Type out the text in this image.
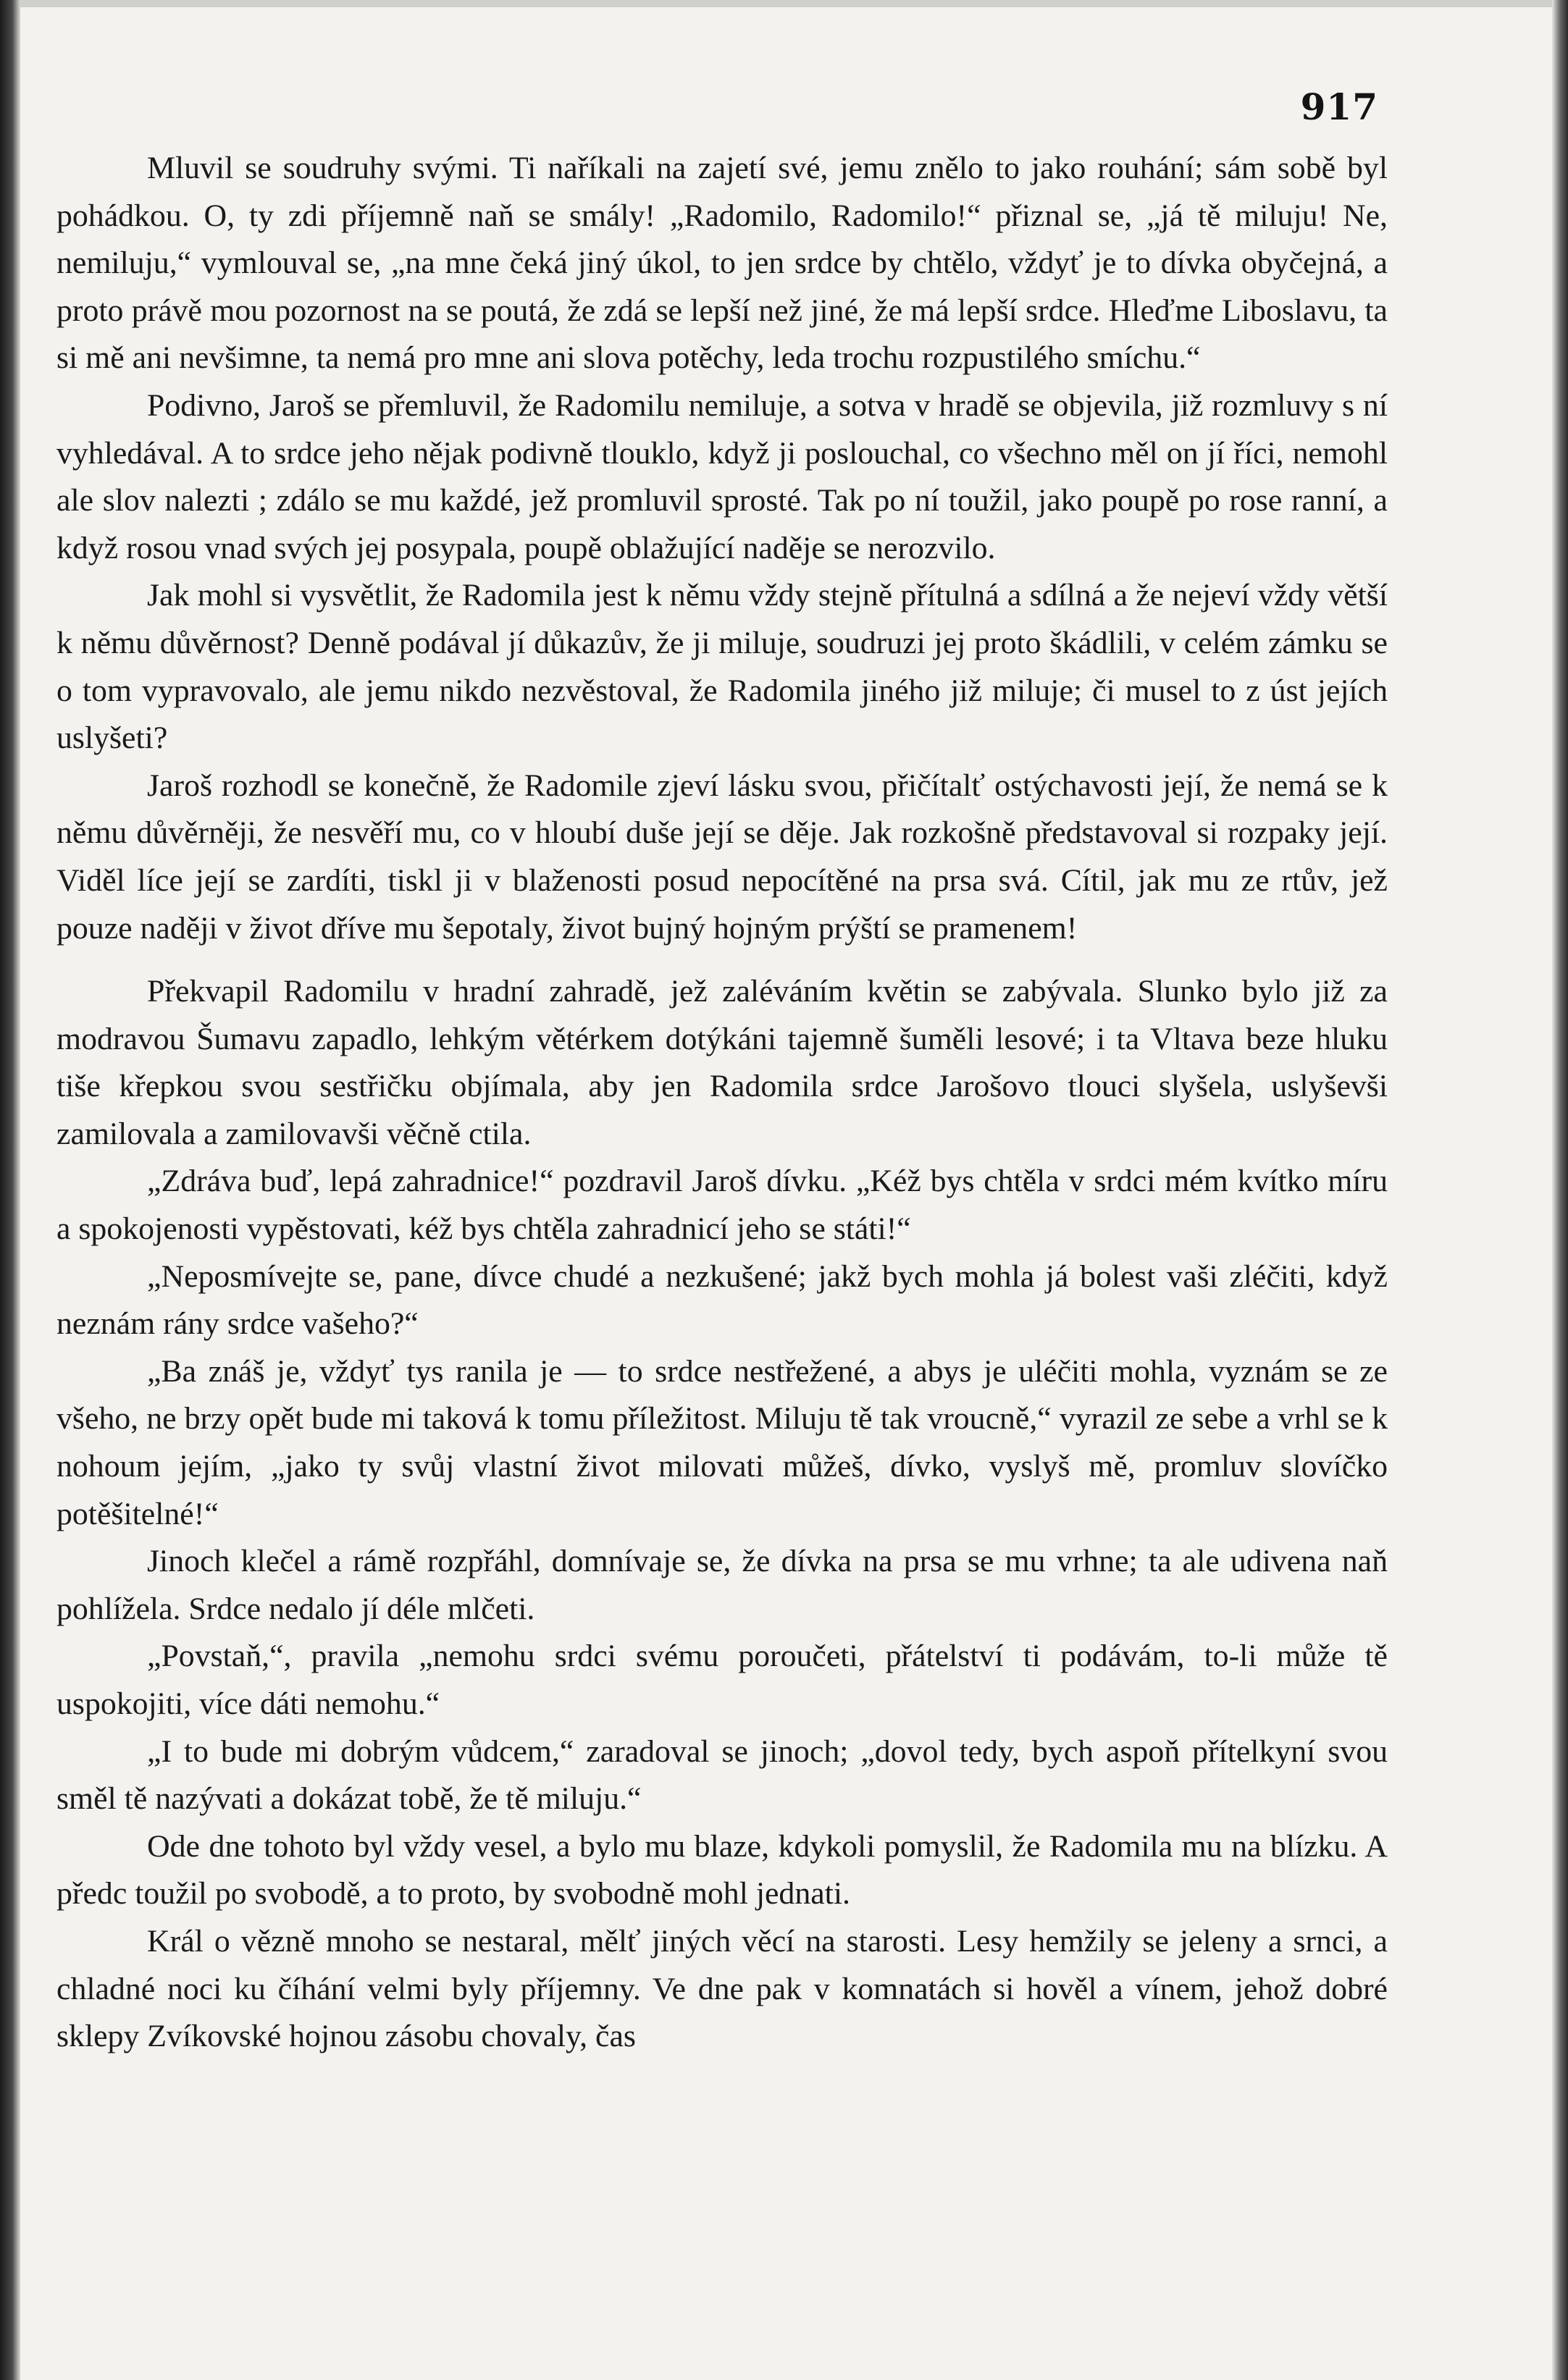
917

Mluvil se soudruhy svými. Ti naříkali na zajetí své, jemu znělo to jako rouhání; sám sobě byl pohádkou. O, ty zdi příjemně naň se smály! „Radomilo, Radomilo!“ přiznal se, „já tě miluju! Ne, nemiluju,“ vymlouval se, „na mne čeká jiný úkol, to jen srdce by chtělo, vždyť je to dívka obyčejná, a proto právě mou pozornost na se poutá, že zdá se lepší než jiné, že má lepší srdce. Hleďme Liboslavu, ta si mě ani nevšimne, ta nemá pro mne ani slova potěchy, leda trochu rozpustilého smíchu.“

Podivno, Jaroš se přemluvil, že Radomilu nemiluje, a sotva v hradě se objevila, již rozmluvy s ní vyhledával. A to srdce jeho nějak podivně tlouklo, když ji poslouchal, co všechno měl on jí říci, nemohl ale slov nalezti ; zdálo se mu každé, jež promluvil sprosté. Tak po ní toužil, jako poupě po rose ranní, a když rosou vnad svých jej posypala, poupě oblažující naděje se nerozvilo.

Jak mohl si vysvětlit, že Radomila jest k němu vždy stejně přítulná a sdílná a že nejeví vždy větší k němu důvěrnost? Denně podával jí důkazův, že ji miluje, soudruzi jej proto škádlili, v celém zámku se o tom vypravovalo, ale jemu nikdo nezvěstoval, že Radomila jiného již miluje; či musel to z úst jejích uslyšeti?

Jaroš rozhodl se konečně, že Radomile zjeví lásku svou, přičítalť ostýchavosti její, že nemá se k němu důvěrněji, že nesvěří mu, co v hloubí duše její se děje. Jak rozkošně představoval si rozpaky její. Viděl líce její se zardíti, tiskl ji v blaženosti posud nepocítěné na prsa svá. Cítil, jak mu ze rtův, jež pouze naději v život dříve mu šepotaly, život bujný hojným prýští se pramenem!

Překvapil Radomilu v hradní zahradě, jež zaléváním květin se zabývala. Slunko bylo již za modravou Šumavu zapadlo, lehkým větérkem dotýkáni tajemně šuměli lesové; i ta Vltava beze hluku tiše křepkou svou sestřičku objímala, aby jen Radomila srdce Jarošovo tlouci slyšela, uslyševši zamilovala a zamilovavši věčně ctila.

„Zdráva buď, lepá zahradnice!“ pozdravil Jaroš dívku. „Kéž bys chtěla v srdci mém kvítko míru a spokojenosti vypěstovati, kéž bys chtěla zahradnicí jeho se státi!“

„Neposmívejte se, pane, dívce chudé a nezkušené; jakž bych mohla já bolest vaši zléčiti, když neznám rány srdce vašeho?“

„Ba znáš je, vždyť tys ranila je — to srdce nestřežené, a abys je uléčiti mohla, vyznám se ze všeho, ne brzy opět bude mi taková k tomu příležitost. Miluju tě tak vroucně,“ vyrazil ze sebe a vrhl se k nohoum jejím, „jako ty svůj vlastní život milovati můžeš, dívko, vyslyš mě, promluv slovíčko potěšitelné!“

Jinoch klečel a rámě rozpřáhl, domnívaje se, že dívka na prsa se mu vrhne; ta ale udivena naň pohlížela. Srdce nedalo jí déle mlčeti.

„Povstaň,“, pravila „nemohu srdci svému poroučeti, přátelství ti podávám, to-li může tě uspokojiti, více dáti nemohu.“

„I to bude mi dobrým vůdcem,“ zaradoval se jinoch; „dovol tedy, bych aspoň přítelkyní svou směl tě nazývati a dokázat tobě, že tě miluju.“

Ode dne tohoto byl vždy vesel, a bylo mu blaze, kdykoli pomyslil, že Radomila mu na blízku. A předc toužil po svobodě, a to proto, by svobodně mohl jednati.

Král o vězně mnoho se nestaral, mělť jiných věcí na starosti. Lesy hemžily se jeleny a srnci, a chladné noci ku číhání velmi byly příjemny. Ve dne pak v komnatách si hověl a vínem, jehož dobré sklepy Zvíkovské hojnou zásobu chovaly, čas
